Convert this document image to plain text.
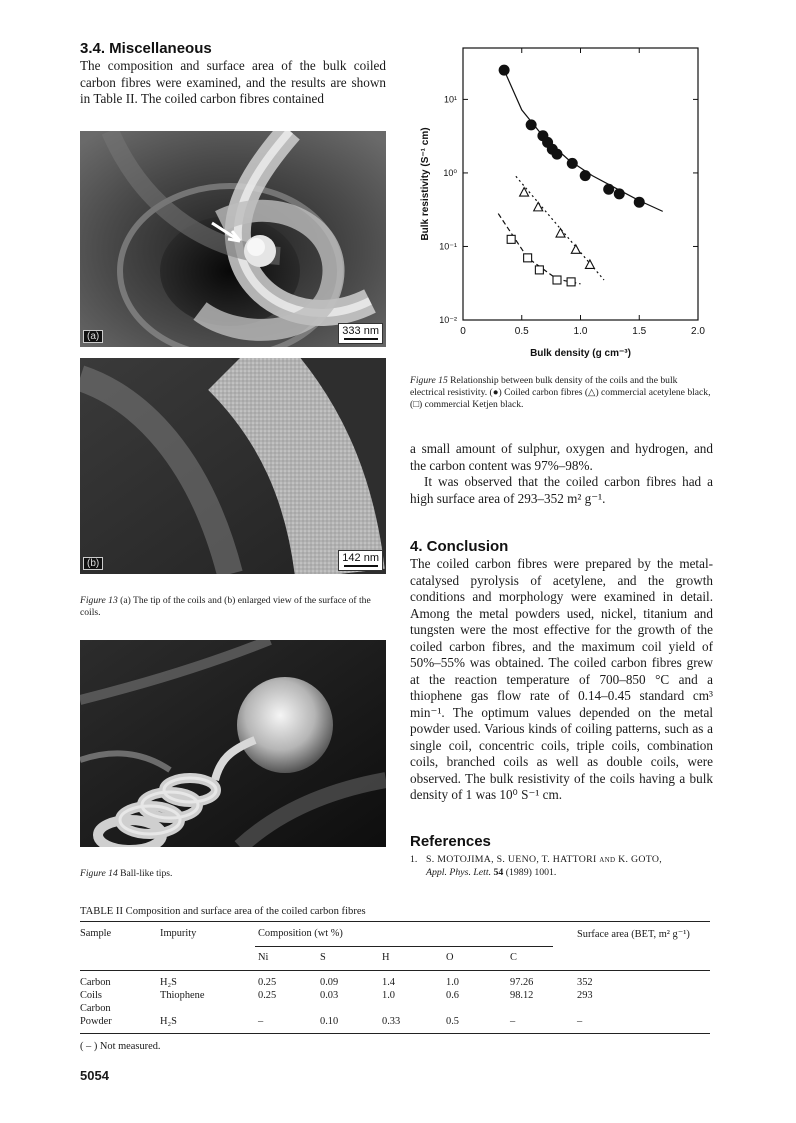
3.4. Miscellaneous

The composition and surface area of the bulk coiled carbon fibres were examined, and the results are shown in Table II. The coiled carbon fibres contained

(a)	333 nm
(b)	142 nm
Figure 13 (a) The tip of the coils and (b) enlarged view of the surface of the coils.
Figure 14 Ball-like tips.
0	0.5	1.0	1.5	2.0
10⁻²
10⁻¹
10⁰
10¹
Bulk density (g cm⁻³)
Bulk resistivity (S⁻¹ cm)
Figure 15 Relationship between bulk density of the coils and the bulk electrical resistivity. (●) Coiled carbon fibres (△) commercial acetylene black, (□) commercial Ketjen black.

a small amount of sulphur, oxygen and hydrogen, and the carbon content was 97%–98%.

It was observed that the coiled carbon fibres had a high surface area of 293–352 m² g⁻¹.

4. Conclusion

The coiled carbon fibres were prepared by the metal-catalysed pyrolysis of acetylene, and the growth conditions and morphology were examined in detail. Among the metal powders used, nickel, titanium and tungsten were the most effective for the growth of the coiled carbon fibres, and the maximum coil yield of 50%–55% was obtained. The coiled carbon fibres grew at the reaction temperature of 700–850 °C and a thiophene gas flow rate of 0.14–0.45 standard cm³ min⁻¹. The optimum values depended on the metal powder used. Various kinds of coiling patterns, such as a single coil, concentric coils, triple coils, combination coils, branched coils as well as double coils, were observed. The bulk resistivity of the coils having a bulk density of 1 was 10⁰ S⁻¹ cm.

References
1. S. MOTOJIMA, S. UENO, T. HATTORI and K. GOTO,
Appl. Phys. Lett. 54 (1989) 1001.
TABLE II Composition and surface area of the coiled carbon fibres
Sample	Impurity	Composition (wt %)	Surface area (BET, m² g⁻¹)
Ni	S	H	O	C
Carbon	H₂S	0.25	0.09	1.4	1.0	97.26	352
Coils	Thiophene	0.25	0.03	1.0	0.6	98.12	293
Carbon							
Powder	H₂S	–	0.10	0.33	0.5	–	–
( – ) Not measured.
5054
